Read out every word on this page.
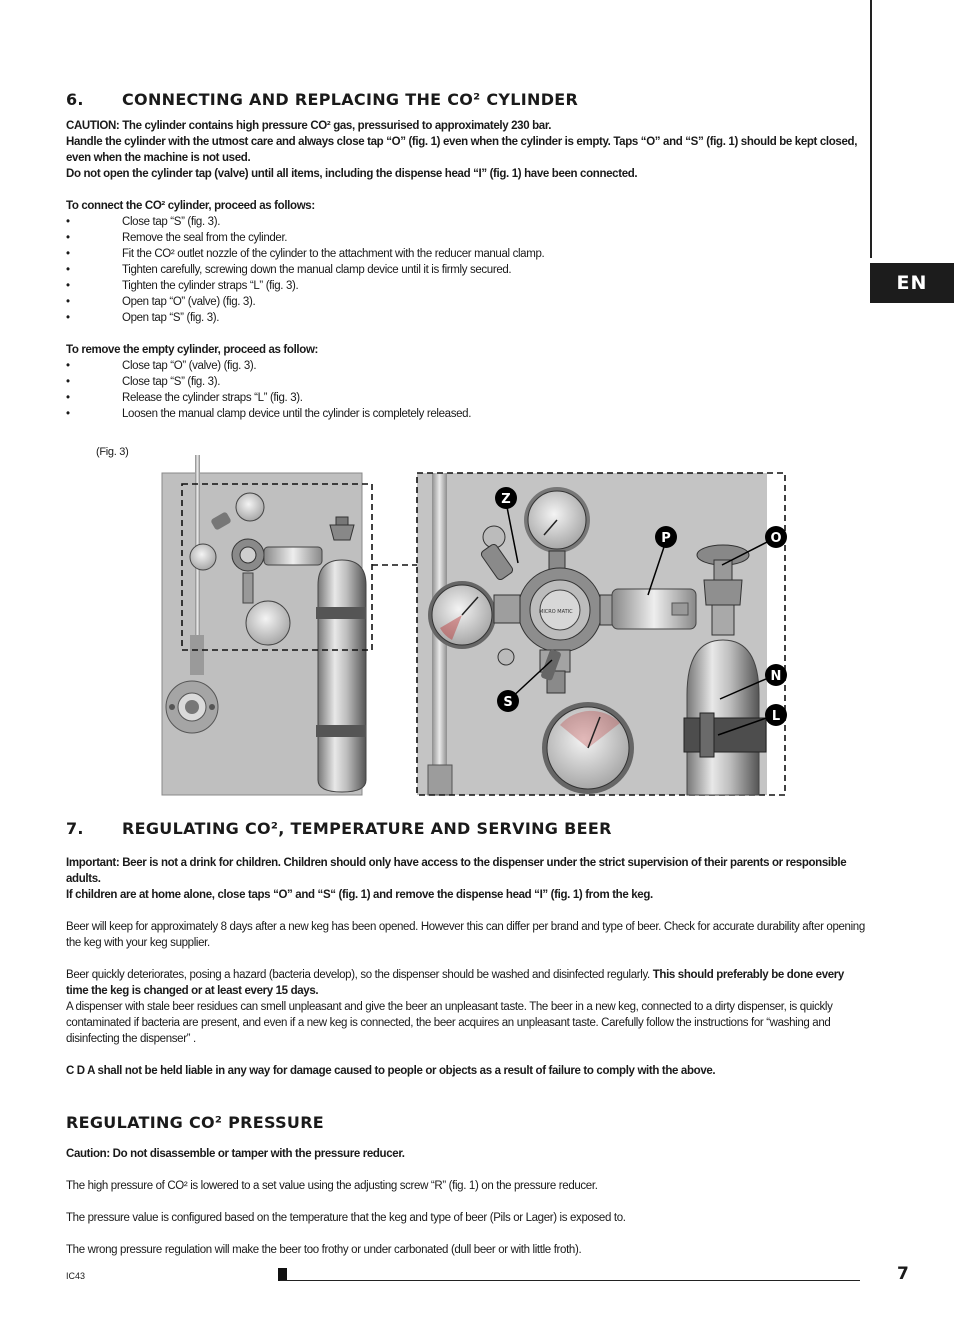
EN
6. CONNECTING AND REPLACING THE CO² CYLINDER

CAUTION: The cylinder contains high pressure CO² gas, pressurised to approximately 230 bar.

Handle the cylinder with the utmost care and always close tap “O” (fig. 1) even when the cylinder is empty. Taps “O” and “S” (fig. 1) should be kept closed, even when the machine is not used.

Do not open the cylinder tap (valve) until all items, including the dispense head “I” (fig. 1) have been connected.

To connect the CO² cylinder, proceed as follows:

• Close tap “S” (fig. 3).
• Remove the seal from the cylinder.
• Fit the CO² outlet nozzle of the cylinder to the attachment with the reducer manual clamp.
• Tighten carefully, screwing down the manual clamp device until it is firmly secured.
• Tighten the cylinder straps “L” (fig. 3).
• Open tap “O” (valve) (fig. 3).
• Open tap “S” (fig. 3).

To remove the empty cylinder, proceed as follow:

• Close tap “O” (valve) (fig. 3).
• Close tap “S” (fig. 3).
• Release the cylinder straps “L” (fig. 3).
• Loosen the manual clamp device until the cylinder is completely released.
(Fig. 3)
MICRO MATIC
Z
P	O
N
L
S
7. REGULATING CO², TEMPERATURE AND SERVING BEER

Important: Beer is not a drink for children. Children should only have access to the dispenser under the strict supervision of their parents or responsible adults.

If children are at home alone, close taps “O” and “S“ (fig. 1) and remove the dispense head “I” (fig. 1) from the keg.

Beer will keep for approximately 8 days after a new keg has been opened. However this can differ per brand and type of beer. Check for accurate durability after opening the keg with your keg supplier.

Beer quickly deteriorates, posing a hazard (bacteria develop), so the dispenser should be washed and disinfected regularly. This should preferably be done every time the keg is changed or at least every 15 days.

A dispenser with stale beer residues can smell unpleasant and give the beer an unpleasant taste. The beer in a new keg, connected to a dirty dispenser, is quickly contaminated if bacteria are present, and even if a new keg is connected, the beer acquires an unpleasant taste. Carefully follow the instructions for “washing and disinfecting the dispenser” .

C D A shall not be held liable in any way for damage caused to people or objects as a result of failure to comply with the above.

REGULATING CO² PRESSURE

Caution: Do not disassemble or tamper with the pressure reducer.

The high pressure of CO² is lowered to a set value using the adjusting screw “R” (fig. 1) on the pressure reducer.

The pressure value is configured based on the temperature that the keg and type of beer (Pils or Lager) is exposed to.

The wrong pressure regulation will make the beer too frothy or under carbonated (dull beer or with little froth).

IC43	7
